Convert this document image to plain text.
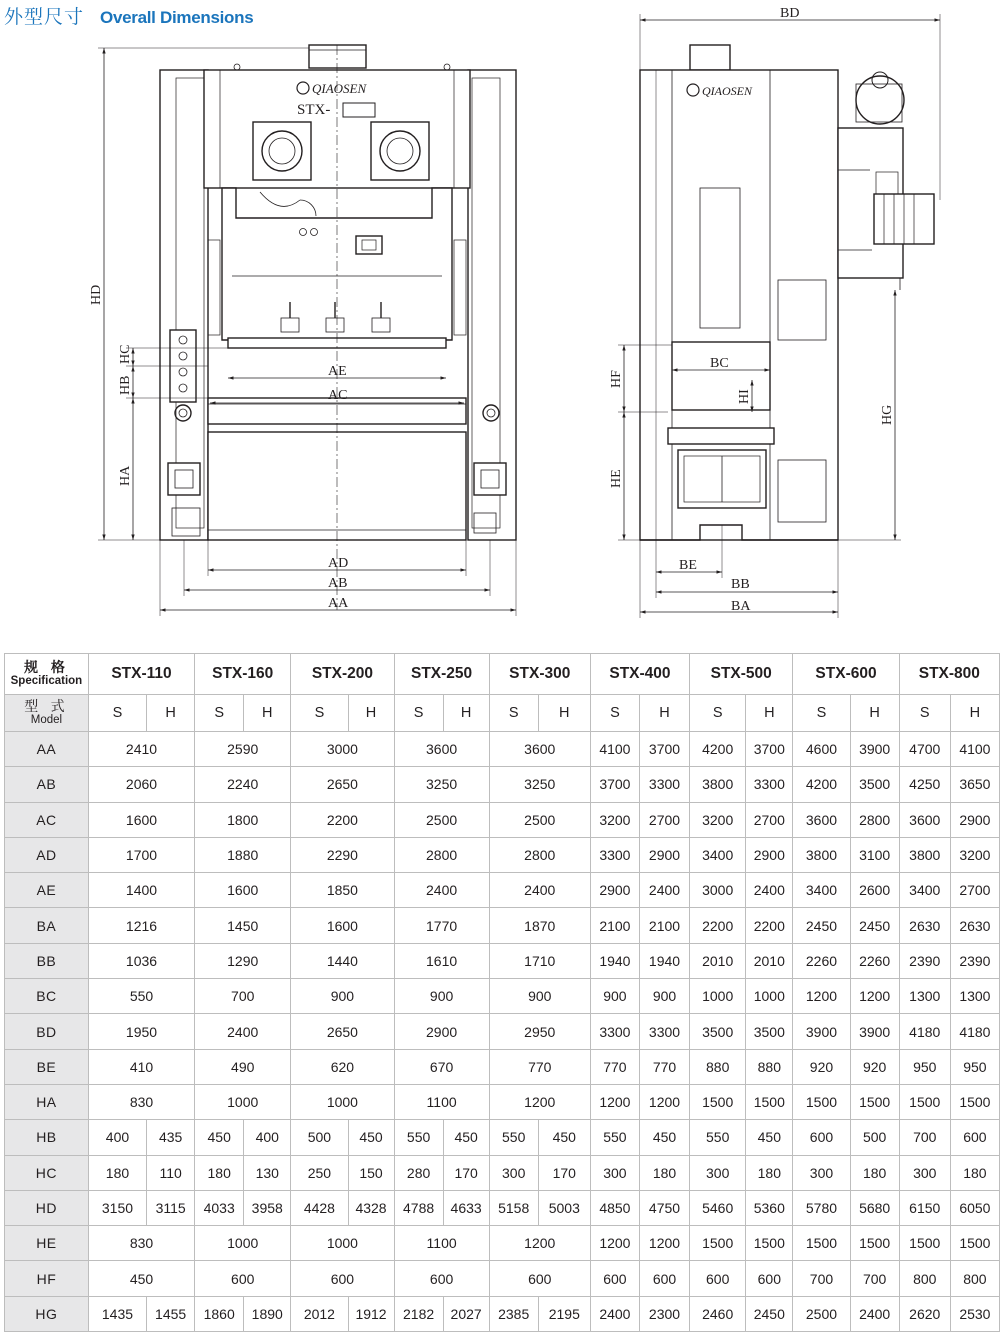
外型尺寸 Overall Dimensions
QIAOSEN
STX-
HD
HC
HB
HA
AE
AC
AD
AB
AA
QIAOSEN
BD
BC
HF
HI
HE
HG
BE
BB
BA
规 格
Specification	STX-110		STX-160		STX-200		STX-250		STX-300		STX-400		STX-500		STX-600		STX-800	

型 式
Model	S	H	S	H	S	H	S	H	S	H	S	H	S	H	S	H	S	H
AA	2410		2590		3000		3600		3600		4100	3700	4200	3700	4600	3900	4700	4100
AB	2060		2240		2650		3250		3250		3700	3300	3800	3300	4200	3500	4250	3650
AC	1600		1800		2200		2500		2500		3200	2700	3200	2700	3600	2800	3600	2900
AD	1700		1880		2290		2800		2800		3300	2900	3400	2900	3800	3100	3800	3200
AE	1400		1600		1850		2400		2400		2900	2400	3000	2400	3400	2600	3400	2700
BA	1216		1450		1600		1770		1870		2100	2100	2200	2200	2450	2450	2630	2630
BB	1036		1290		1440		1610		1710		1940	1940	2010	2010	2260	2260	2390	2390
BC	550		700		900		900		900		900	900	1000	1000	1200	1200	1300	1300
BD	1950		2400		2650		2900		2950		3300	3300	3500	3500	3900	3900	4180	4180
BE	410		490		620		670		770		770	770	880	880	920	920	950	950
HA	830		1000		1000		1100		1200		1200	1200	1500	1500	1500	1500	1500	1500
HB	400	435	450	400	500	450	550	450	550	450	550	450	550	450	600	500	700	600
HC	180	110	180	130	250	150	280	170	300	170	300	180	300	180	300	180	300	180
HD	3150	3115	4033	3958	4428	4328	4788	4633	5158	5003	4850	4750	5460	5360	5780	5680	6150	6050
HE	830		1000		1000		1100		1200		1200	1200	1500	1500	1500	1500	1500	1500
HF	450		600		600		600		600		600	600	600	600	700	700	800	800
HG	1435	1455	1860	1890	2012	1912	2182	2027	2385	2195	2400	2300	2460	2450	2500	2400	2620	2530
